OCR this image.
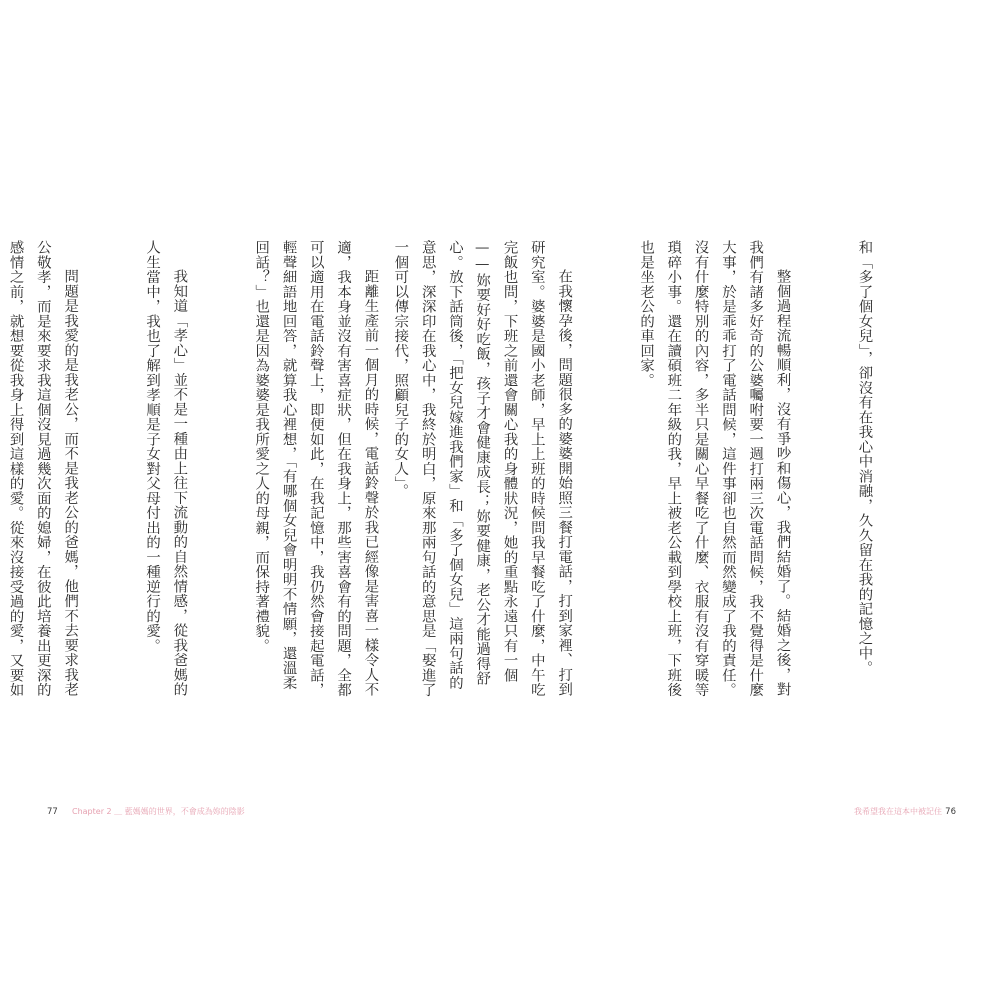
距離生產前一個月的時候，電話鈴聲於我已經像是害喜一樣令人不適，我本身並沒有害喜症狀，但在我身上，那些害喜會有的問題，全都可以適用在電話鈴聲上，即便如此，在我記憶中，我仍然會接起電話，輕聲細語地回答，就算我心裡想，「有哪個女兒會明明不情願，還溫柔回話？」也還是因為婆婆是我所愛之人的母親，而保持著禮貌。

我知道「孝心」並不是一種由上往下流動的自然情感，從我爸媽的人生當中，我也了解到孝順是子女對父母付出的一種逆行的愛。

問題是我愛的是我老公，而不是我老公的爸媽，他們不去要求我老公敬孝，而是來要求我這個沒見過幾次面的媳婦，在彼此培養出更深的感情之前，就想要從我身上得到這樣的愛。從來沒接受過的愛，又要如

77 Chapter 2 ＿ 藍媽媽的世界，不會成為妳的陰影

和「多了個女兒」，卻沒有在我心中消融，久久留在我的記憶之中。

整個過程流暢順利，沒有爭吵和傷心，我們結婚了。結婚之後，對我們有諸多好奇的公婆囑咐要一週打兩三次電話問候，我不覺得是什麼大事，於是乖乖打了電話問候，這件事卻也自然而然變成了我的責任。沒有什麼特別的內容，多半只是關心早餐吃了什麼、衣服有沒有穿暖等瑣碎小事。還在讀碩班二年級的我，早上被老公載到學校上班，下班後也是坐老公的車回家。

在我懷孕後，問題很多的婆婆開始照三餐打電話，打到家裡、打到研究室。婆婆是國小老師，早上上班的時候問我早餐吃了什麼，中午吃完飯也問，下班之前還會關心我的身體狀況，她的重點永遠只有一個——妳要好好吃飯，孩子才會健康成長；妳要健康，老公才能過得舒心。放下話筒後，「把女兒嫁進我們家」和「多了個女兒」這兩句話的意思，深深印在我心中，我終於明白，原來那兩句話的意思是「娶進了一個可以傳宗接代，照顧兒子的女人」。

我希望我在這本中被記住 76
